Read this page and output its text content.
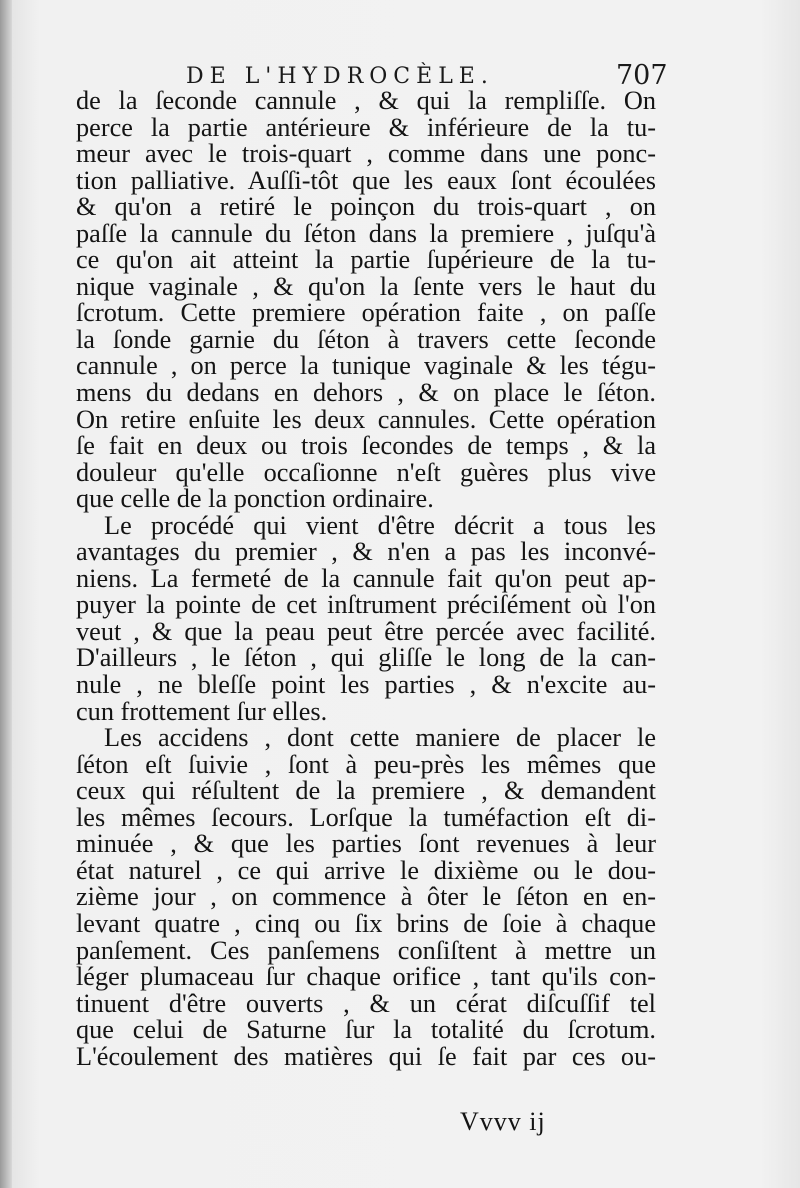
DE L'HYDROCÈLE.	707
de la ſeconde cannule , & qui la rempliſſe. On
perce la partie antérieure & inférieure de la tu-
meur avec le trois-quart , comme dans une ponc-
tion palliative. Auſſi-tôt que les eaux ſont écoulées
& qu'on a retiré le poinçon du trois-quart , on
paſſe la cannule du ſéton dans la premiere , juſqu'à
ce qu'on ait atteint la partie ſupérieure de la tu-
nique vaginale , & qu'on la ſente vers le haut du
ſcrotum. Cette premiere opération faite , on paſſe
la ſonde garnie du ſéton à travers cette ſeconde
cannule , on perce la tunique vaginale & les tégu-
mens du dedans en dehors , & on place le ſéton.
On retire enſuite les deux cannules. Cette opération
ſe fait en deux ou trois ſecondes de temps , & la
douleur qu'elle occaſionne n'eſt guères plus vive
que celle de la ponction ordinaire.
Le procédé qui vient d'être décrit a tous les
avantages du premier , & n'en a pas les inconvé-
niens. La fermeté de la cannule fait qu'on peut ap-
puyer la pointe de cet inſtrument préciſément où l'on
veut , & que la peau peut être percée avec facilité.
D'ailleurs , le ſéton , qui gliſſe le long de la can-
nule , ne bleſſe point les parties , & n'excite au-
cun frottement ſur elles.
Les accidens , dont cette maniere de placer le
ſéton eſt ſuivie , ſont à peu-près les mêmes que
ceux qui réſultent de la premiere , & demandent
les mêmes ſecours. Lorſque la tuméfaction eſt di-
minuée , & que les parties ſont revenues à leur
état naturel , ce qui arrive le dixième ou le dou-
zième jour , on commence à ôter le ſéton en en-
levant quatre , cinq ou ſix brins de ſoie à chaque
panſement. Ces panſemens conſiſtent à mettre un
léger plumaceau ſur chaque orifice , tant qu'ils con-
tinuent d'être ouverts , & un cérat diſcuſſif tel
que celui de Saturne ſur la totalité du ſcrotum.
L'écoulement des matières qui ſe fait par ces ou-
Vvvv ij
